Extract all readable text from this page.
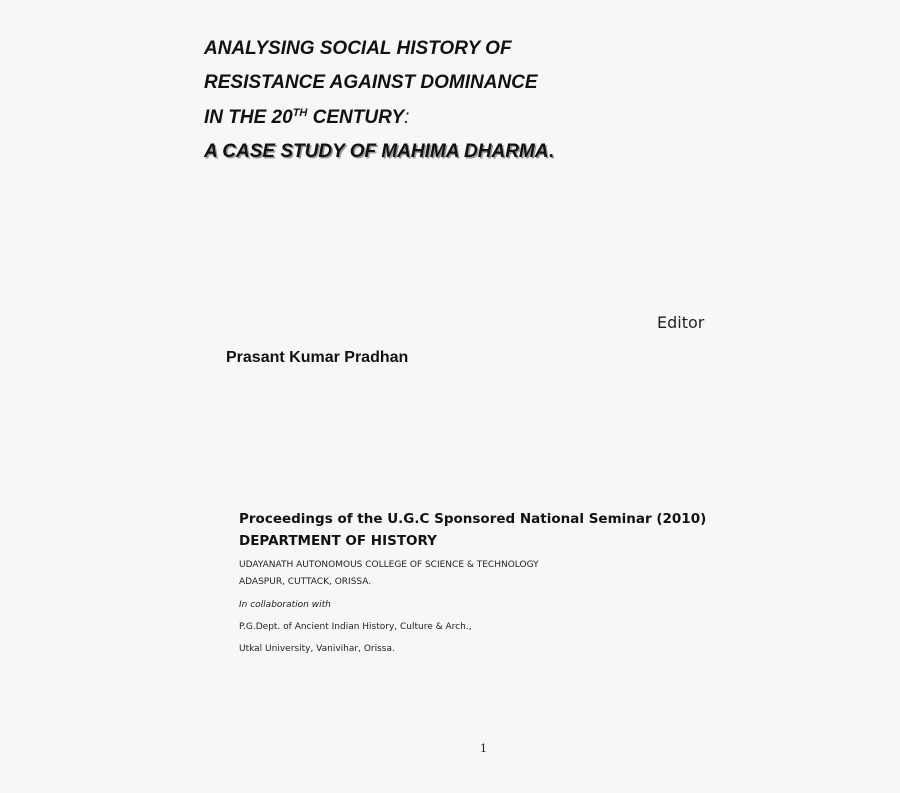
ANALYSING SOCIAL HISTORY OF
RESISTANCE AGAINST DOMINANCE
IN THE 20TH CENTURY:
A CASE STUDY OF MAHIMA DHARMA.
Editor
Prasant Kumar Pradhan
Proceedings of the U.G.C Sponsored National Seminar (2010)
DEPARTMENT OF HISTORY
UDAYANATH AUTONOMOUS COLLEGE OF SCIENCE & TECHNOLOGY
ADASPUR, CUTTACK, ORISSA.
In collaboration with
P.G.Dept. of Ancient Indian History, Culture & Arch.,
Utkal University, Vanivihar, Orissa.
1
